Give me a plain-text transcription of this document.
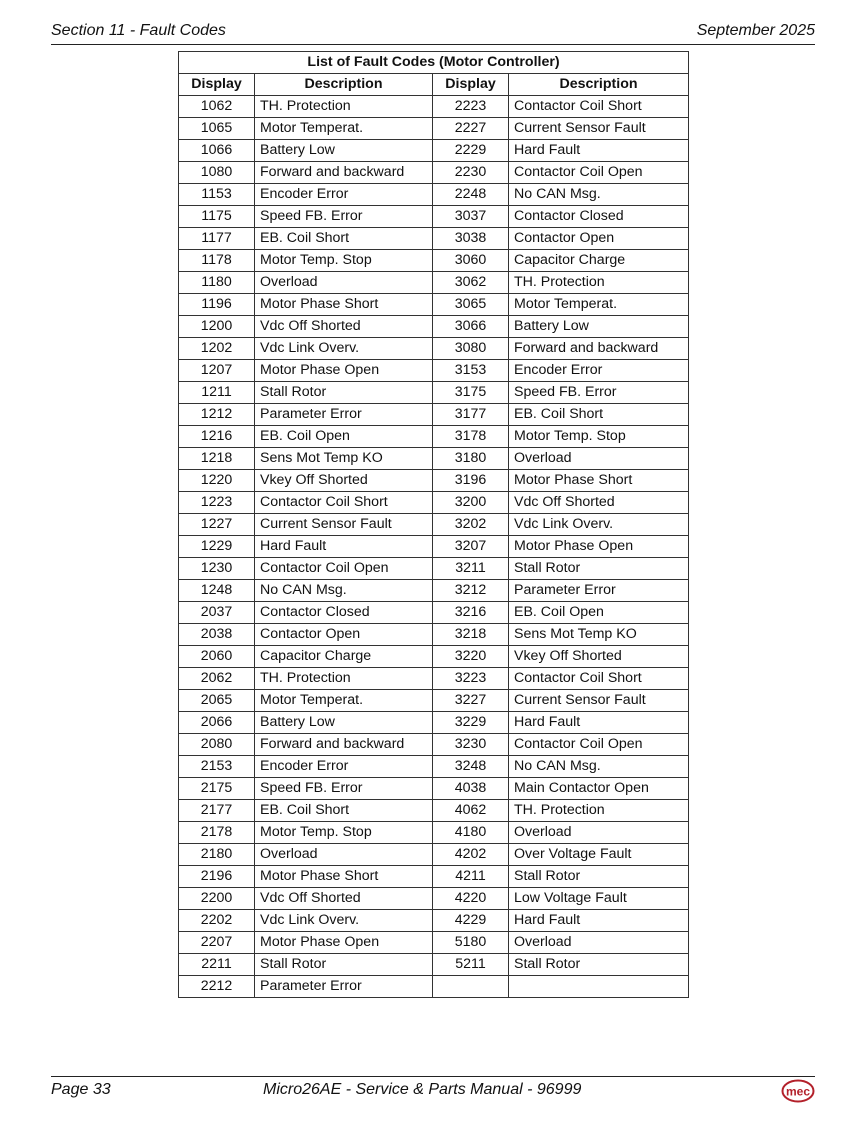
Section 11 - Fault Codes	September 2025
List of Fault Codes (Motor Controller)			
Display	Description	Display	Description
1062	TH. Protection	2223	Contactor Coil Short
1065	Motor Temperat.	2227	Current Sensor Fault
1066	Battery Low	2229	Hard Fault
1080	Forward and backward	2230	Contactor Coil Open
1153	Encoder Error	2248	No CAN Msg.
1175	Speed FB. Error	3037	Contactor Closed
1177	EB. Coil Short	3038	Contactor Open
1178	Motor Temp. Stop	3060	Capacitor Charge
1180	Overload	3062	TH. Protection
1196	Motor Phase Short	3065	Motor Temperat.
1200	Vdc Off Shorted	3066	Battery Low
1202	Vdc Link Overv.	3080	Forward and backward
1207	Motor Phase Open	3153	Encoder Error
1211	Stall Rotor	3175	Speed FB. Error
1212	Parameter Error	3177	EB. Coil Short
1216	EB. Coil Open	3178	Motor Temp. Stop
1218	Sens Mot Temp KO	3180	Overload
1220	Vkey Off Shorted	3196	Motor Phase Short
1223	Contactor Coil Short	3200	Vdc Off Shorted
1227	Current Sensor Fault	3202	Vdc Link Overv.
1229	Hard Fault	3207	Motor Phase Open
1230	Contactor Coil Open	3211	Stall Rotor
1248	No CAN Msg.	3212	Parameter Error
2037	Contactor Closed	3216	EB. Coil Open
2038	Contactor Open	3218	Sens Mot Temp KO
2060	Capacitor Charge	3220	Vkey Off Shorted
2062	TH. Protection	3223	Contactor Coil Short
2065	Motor Temperat.	3227	Current Sensor Fault
2066	Battery Low	3229	Hard Fault
2080	Forward and backward	3230	Contactor Coil Open
2153	Encoder Error	3248	No CAN Msg.
2175	Speed FB. Error	4038	Main Contactor Open
2177	EB. Coil Short	4062	TH. Protection
2178	Motor Temp. Stop	4180	Overload
2180	Overload	4202	Over Voltage Fault
2196	Motor Phase Short	4211	Stall Rotor
2200	Vdc Off Shorted	4220	Low Voltage Fault
2202	Vdc Link Overv.	4229	Hard Fault
2207	Motor Phase Open	5180	Overload
2211	Stall Rotor	5211	Stall Rotor
2212	Parameter Error		
Page 33	Micro26AE - Service & Parts Manual - 96999	mec
